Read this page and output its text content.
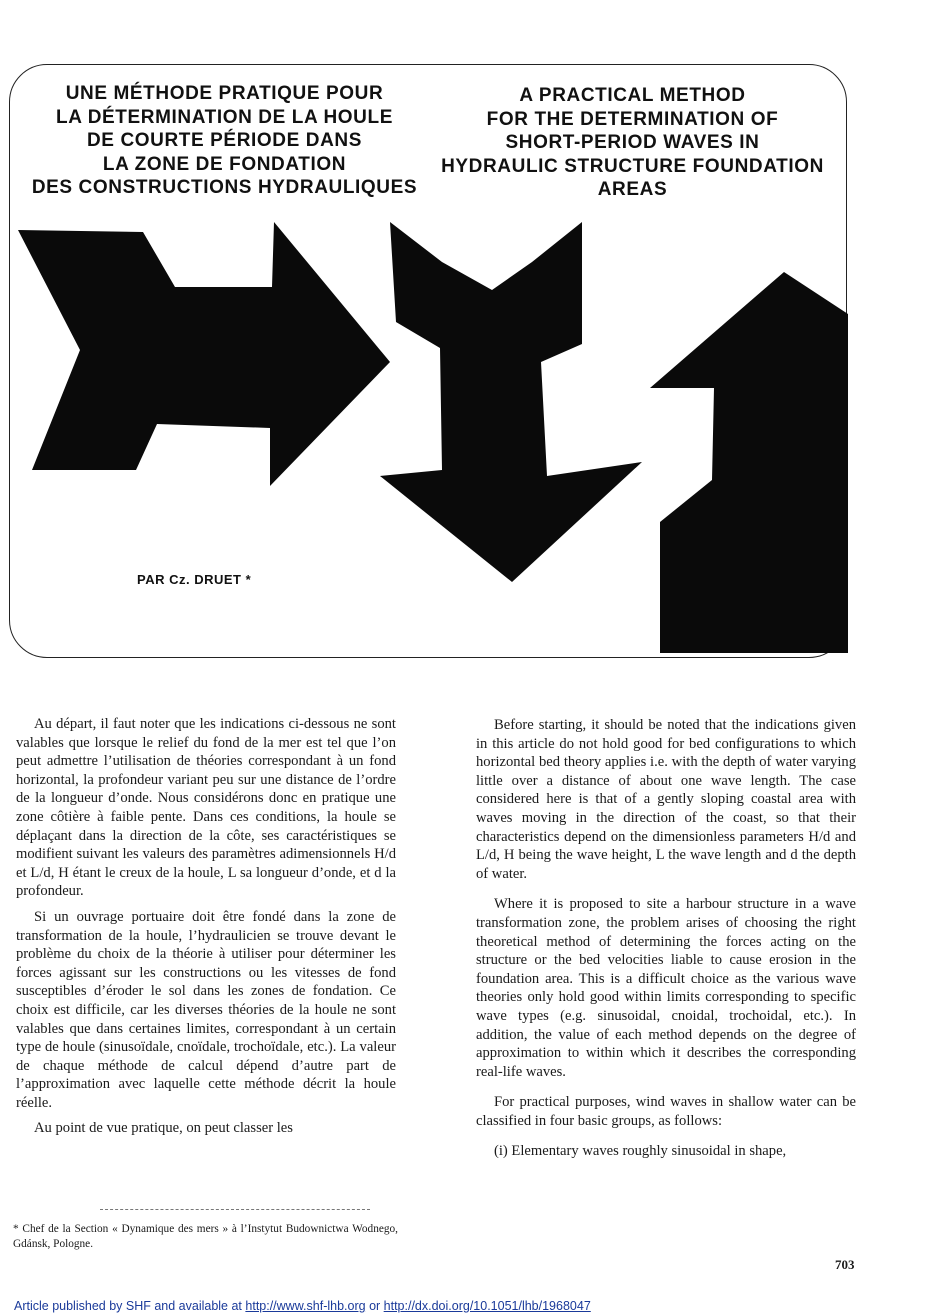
UNE MÉTHODE PRATIQUE POUR
LA DÉTERMINATION DE LA HOULE
DE COURTE PÉRIODE DANS
LA ZONE DE FONDATION
DES CONSTRUCTIONS HYDRAULIQUES
A PRACTICAL METHOD
FOR THE DETERMINATION OF
SHORT-PERIOD WAVES IN
HYDRAULIC STRUCTURE FOUNDATION
AREAS
PAR Cz. DRUET *

Au départ, il faut noter que les indications ci-dessous ne sont valables que lorsque le relief du fond de la mer est tel que l’on peut admettre l’utilisation de théories correspondant à un fond horizontal, la profondeur variant peu sur une distance de l’ordre de la longueur d’onde. Nous considérons donc en pratique une zone côtière à faible pente. Dans ces conditions, la houle se déplaçant dans la direction de la côte, ses caractéristiques se modifient suivant les valeurs des paramètres adimensionnels H/d et L/d, H étant le creux de la houle, L sa longueur d’onde, et d la profondeur.

Si un ouvrage portuaire doit être fondé dans la zone de transformation de la houle, l’hydraulicien se trouve devant le problème du choix de la théorie à utiliser pour déterminer les forces agissant sur les constructions ou les vitesses de fond susceptibles d’éroder le sol dans les zones de fondation. Ce choix est difficile, car les diverses théories de la houle ne sont valables que dans certaines limites, correspondant à un certain type de houle (sinusoïdale, cnoïdale, trochoïdale, etc.). La valeur de chaque méthode de calcul dépend d’autre part de l’approximation avec laquelle cette méthode décrit la houle réelle.

Au point de vue pratique, on peut classer les

Before starting, it should be noted that the indications given in this article do not hold good for bed configurations to which horizontal bed theory applies i.e. with the depth of water varying little over a distance of about one wave length. The case considered here is that of a gently sloping coastal area with waves moving in the direction of the coast, so that their characteristics depend on the dimensionless parameters H/d and L/d, H being the wave height, L the wave length and d the depth of water.

Where it is proposed to site a harbour structure in a wave transformation zone, the problem arises of choosing the right theoretical method of determining the forces acting on the structure or the bed velocities liable to cause erosion in the foundation area. This is a difficult choice as the various wave theories only hold good within limits corresponding to specific wave types (e.g. sinusoidal, cnoidal, trochoidal, etc.). In addition, the value of each method depends on the degree of approximation to within which it describes the corresponding real-life waves.

For practical purposes, wind waves in shallow water can be classified in four basic groups, as follows:

(i) Elementary waves roughly sinusoidal in shape,

* Chef de la Section « Dynamique des mers » à l’Instytut Budownictwa Wodnego, Gdánsk, Pologne.

703

Article published by SHF and available at http://www.shf-lhb.org or http://dx.doi.org/10.1051/lhb/1968047
